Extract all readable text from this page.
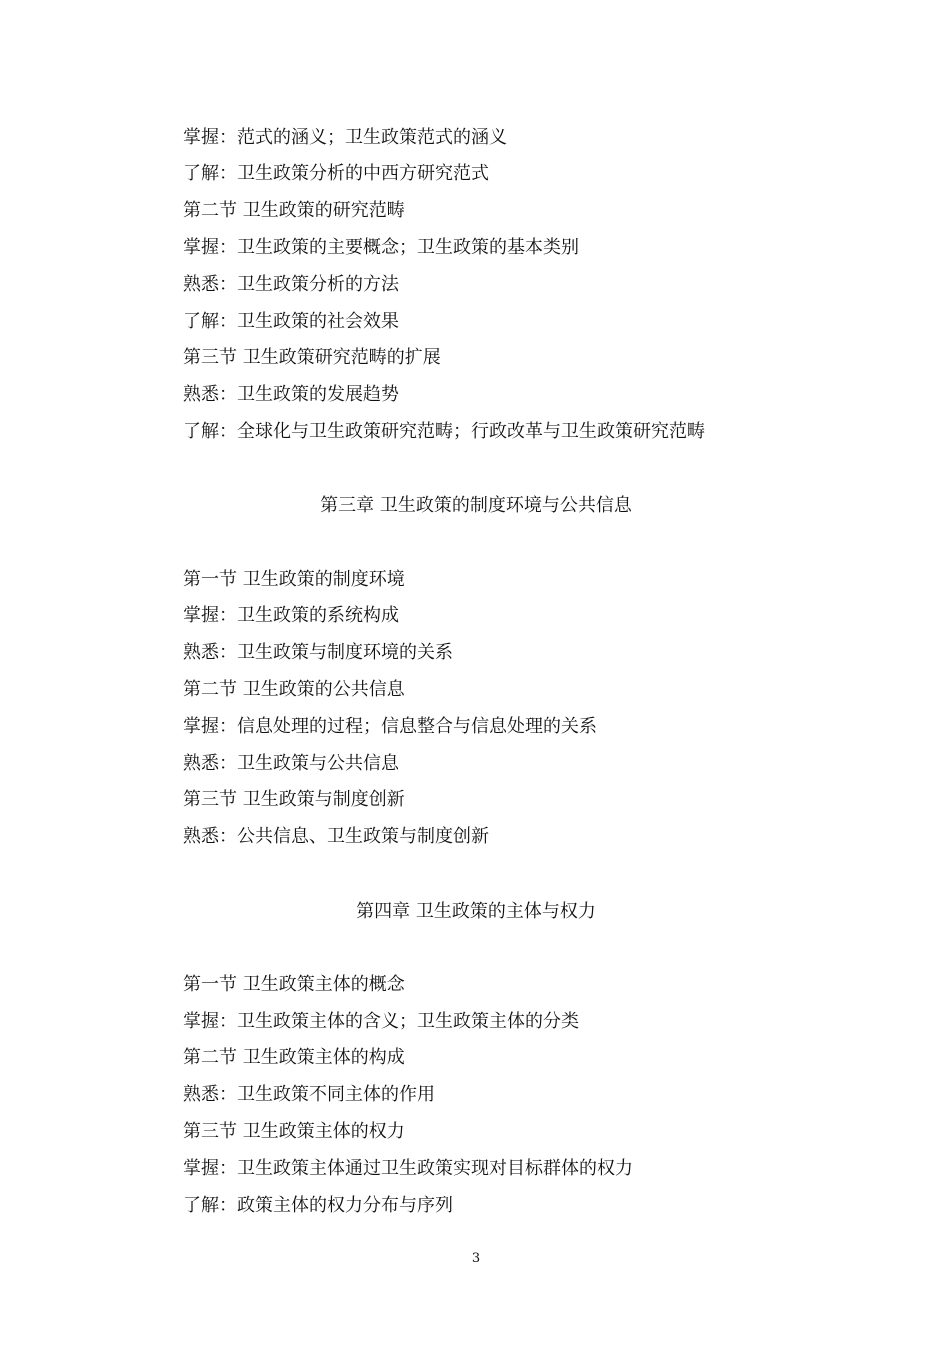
掌握：范式的涵义；卫生政策范式的涵义
了解：卫生政策分析的中西方研究范式
第二节 卫生政策的研究范畴
掌握：卫生政策的主要概念；卫生政策的基本类别
熟悉：卫生政策分析的方法
了解：卫生政策的社会效果
第三节 卫生政策研究范畴的扩展
熟悉：卫生政策的发展趋势
了解：全球化与卫生政策研究范畴；行政改革与卫生政策研究范畴
第三章 卫生政策的制度环境与公共信息
第一节 卫生政策的制度环境
掌握：卫生政策的系统构成
熟悉：卫生政策与制度环境的关系
第二节 卫生政策的公共信息
掌握：信息处理的过程；信息整合与信息处理的关系
熟悉：卫生政策与公共信息
第三节 卫生政策与制度创新
熟悉：公共信息、卫生政策与制度创新
第四章 卫生政策的主体与权力
第一节 卫生政策主体的概念
掌握：卫生政策主体的含义；卫生政策主体的分类
第二节 卫生政策主体的构成
熟悉：卫生政策不同主体的作用
第三节 卫生政策主体的权力
掌握：卫生政策主体通过卫生政策实现对目标群体的权力
了解：政策主体的权力分布与序列
3
